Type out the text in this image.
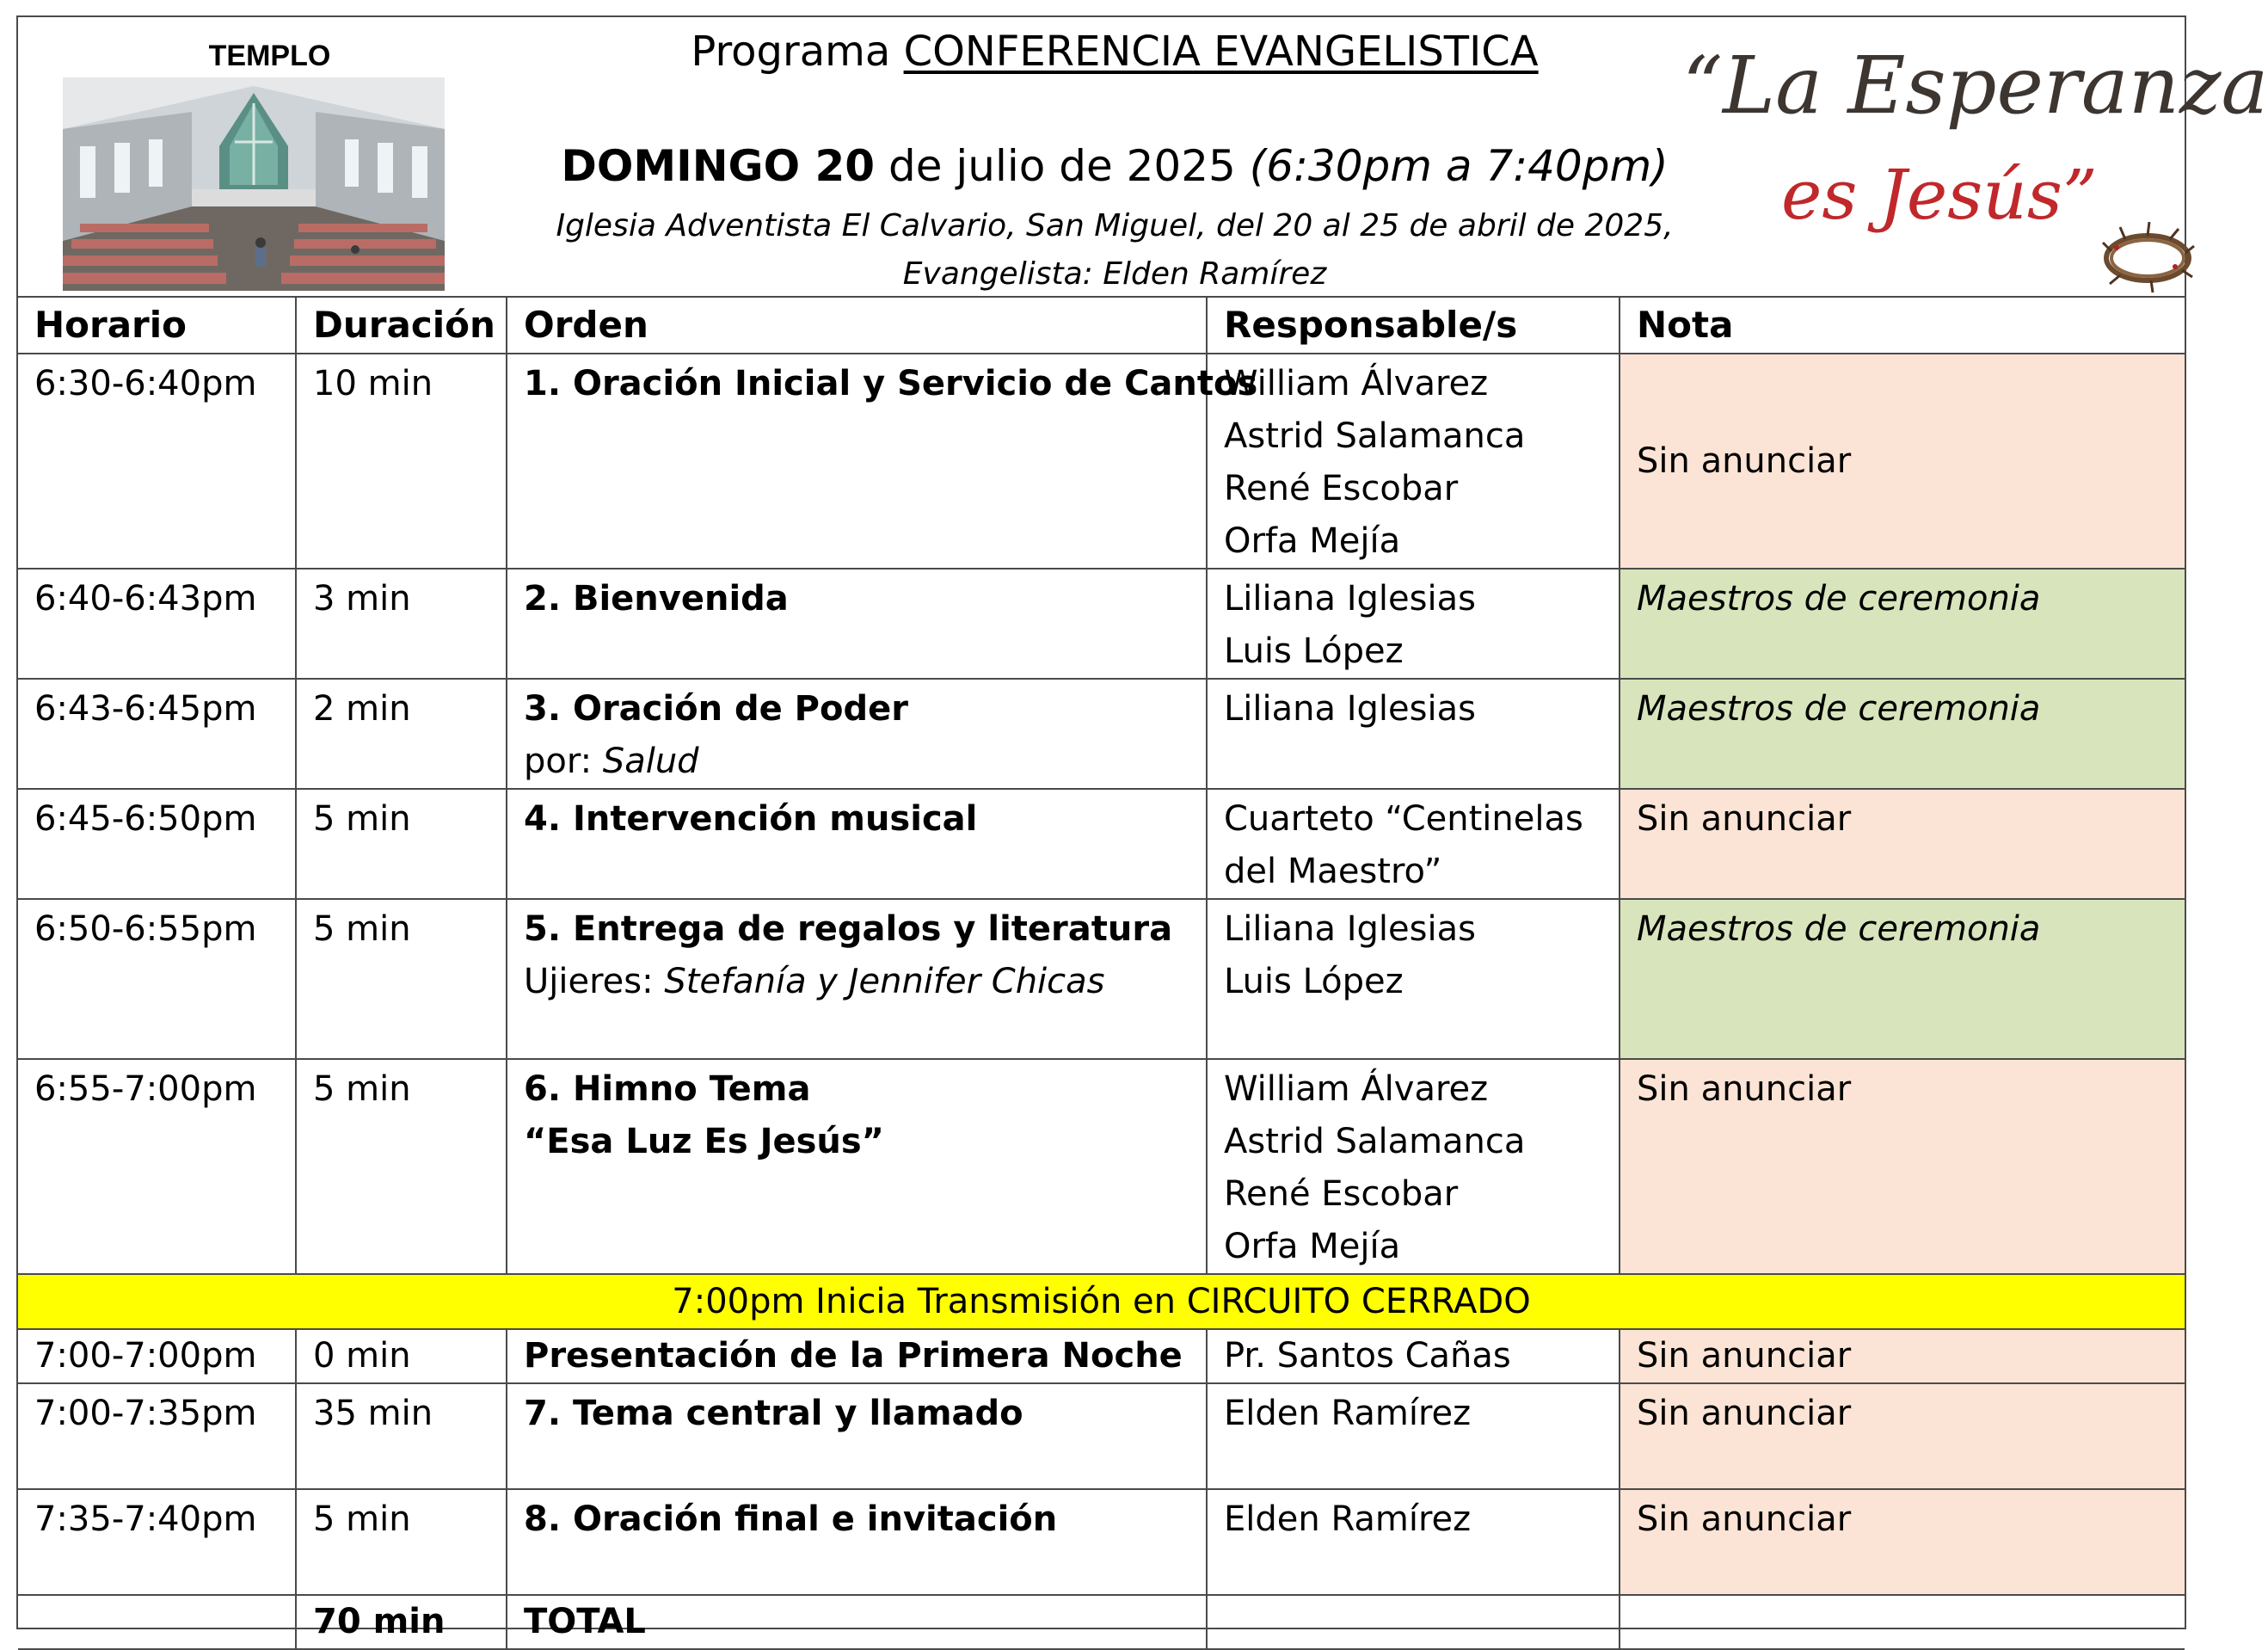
TEMPLO	Programa CONFERENCIA EVANGELISTICA
DOMINGO 20 de julio de 2025 (6:30pm a 7:40pm)
Iglesia Adventista El Calvario, San Miguel, del 20 al 25 de abril de 2025,
Evangelista: Elden Ramírez
“La Esperanza
es Jesús”
Horario	Duración	Orden	Responsable/s	Nota
6:30-6:40pm	10 min	1. Oración Inicial y Servicio de Cantos	William Álvarez
Astrid Salamanca
René Escobar
Orfa Mejía	Sin anunciar

6:40-6:43pm	3 min	2. Bienvenida	Liliana Iglesias
Luis López	Maestros de ceremonia

6:43-6:45pm	2 min	3. Oración de Poder
por: Salud	Liliana Iglesias	Maestros de ceremonia

6:45-6:50pm	5 min	4. Intervención musical	Cuarteto “Centinelas
del Maestro”	Sin anunciar

6:50-6:55pm	5 min	5. Entrega de regalos y literatura
Ujieres: Stefanía y Jennifer Chicas	Liliana Iglesias
Luis López	Maestros de ceremonia

6:55-7:00pm	5 min	6. Himno Tema
“Esa Luz Es Jesús”	William Álvarez
Astrid Salamanca
René Escobar
Orfa Mejía	Sin anunciar

7:00pm Inicia Transmisión en CIRCUITO CERRADO				
7:00-7:00pm	0 min	Presentación de la Primera Noche	Pr. Santos Cañas	Sin anunciar

7:00-7:35pm	35 min	7. Tema central y llamado	Elden Ramírez	Sin anunciar

7:35-7:40pm	5 min	8. Oración final e invitación	Elden Ramírez	Sin anunciar

	70 min	TOTAL		
